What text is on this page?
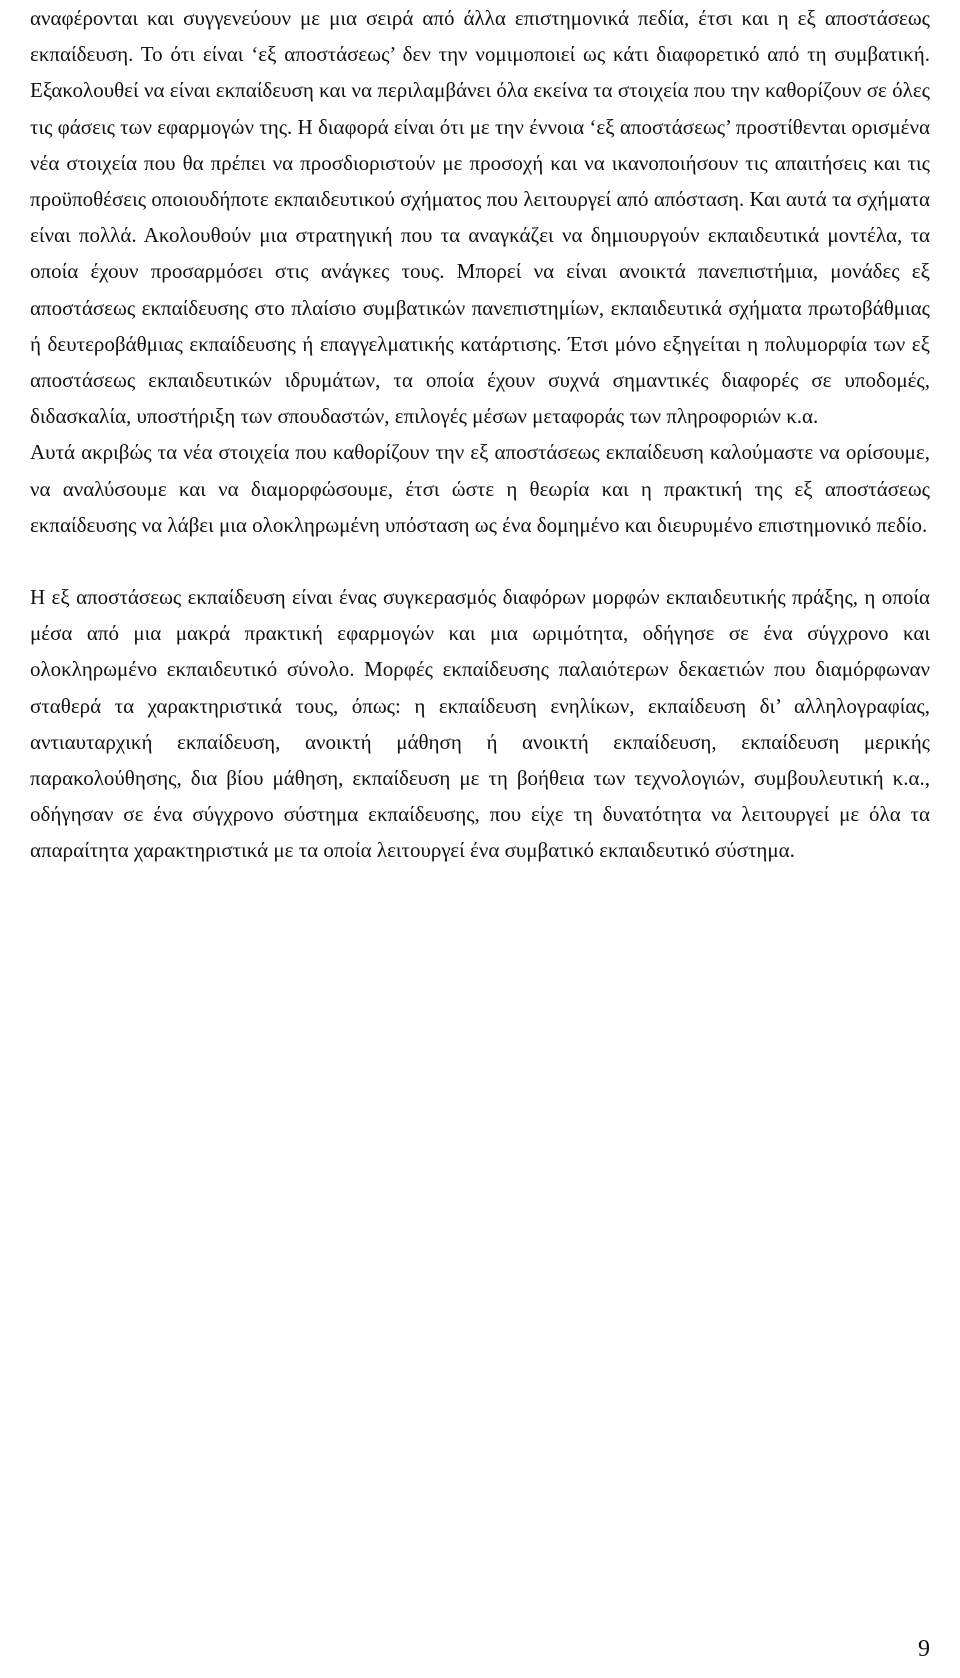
αναφέρονται και συγγενεύουν με μια σειρά από άλλα επιστημονικά πεδία, έτσι και η εξ αποστάσεως εκπαίδευση. Το ότι είναι ‘εξ αποστάσεως’ δεν την νομιμοποιεί ως κάτι διαφορετικό από τη συμβατική. Εξακολουθεί να είναι εκπαίδευση και να περιλαμβάνει όλα εκείνα τα στοιχεία που την καθορίζουν σε όλες τις φάσεις των εφαρμογών της. Η διαφορά είναι ότι με την έννοια ‘εξ αποστάσεως’ προστίθενται ορισμένα νέα στοιχεία που θα πρέπει να προσδιοριστούν με προσοχή και να ικανοποιήσουν τις απαιτήσεις και τις προϋποθέσεις οποιουδήποτε εκπαιδευτικού σχήματος που λειτουργεί από απόσταση. Και αυτά τα σχήματα είναι πολλά. Ακολουθούν μια στρατηγική που τα αναγκάζει να δημιουργούν εκπαιδευτικά μοντέλα, τα οποία έχουν προσαρμόσει στις ανάγκες τους. Μπορεί να είναι ανοικτά πανεπιστήμια, μονάδες εξ αποστάσεως εκπαίδευσης στο πλαίσιο συμβατικών πανεπιστημίων, εκπαιδευτικά σχήματα πρωτοβάθμιας ή δευτεροβάθμιας εκπαίδευσης ή επαγγελματικής κατάρτισης. Έτσι μόνο εξηγείται η πολυμορφία των εξ αποστάσεως εκπαιδευτικών ιδρυμάτων, τα οποία έχουν συχνά σημαντικές διαφορές σε υποδομές, διδασκαλία, υποστήριξη των σπουδαστών, επιλογές μέσων μεταφοράς των πληροφοριών κ.α.

Αυτά ακριβώς τα νέα στοιχεία που καθορίζουν την εξ αποστάσεως εκπαίδευση καλούμαστε να ορίσουμε, να αναλύσουμε και να διαμορφώσουμε, έτσι ώστε η θεωρία και η πρακτική της εξ αποστάσεως εκπαίδευσης να λάβει μια ολοκληρωμένη υπόσταση ως ένα δομημένο και διευρυμένο επιστημονικό πεδίο.

Η εξ αποστάσεως εκπαίδευση είναι ένας συγκερασμός διαφόρων μορφών εκπαιδευτικής πράξης, η οποία μέσα από μια μακρά πρακτική εφαρμογών και μια ωριμότητα, οδήγησε σε ένα σύγχρονο και ολοκληρωμένο εκπαιδευτικό σύνολο. Μορφές εκπαίδευσης παλαιότερων δεκαετιών που διαμόρφωναν σταθερά τα χαρακτηριστικά τους, όπως: η εκπαίδευση ενηλίκων, εκπαίδευση δι’ αλληλογραφίας, αντιαυταρχική εκπαίδευση, ανοικτή μάθηση ή ανοικτή εκπαίδευση, εκπαίδευση μερικής παρακολούθησης, δια βίου μάθηση, εκπαίδευση με τη βοήθεια των τεχνολογιών, συμβουλευτική κ.α., οδήγησαν σε ένα σύγχρονο σύστημα εκπαίδευσης, που είχε τη δυνατότητα να λειτουργεί με όλα τα απαραίτητα χαρακτηριστικά με τα οποία λειτουργεί ένα συμβατικό εκπαιδευτικό σύστημα.

9
